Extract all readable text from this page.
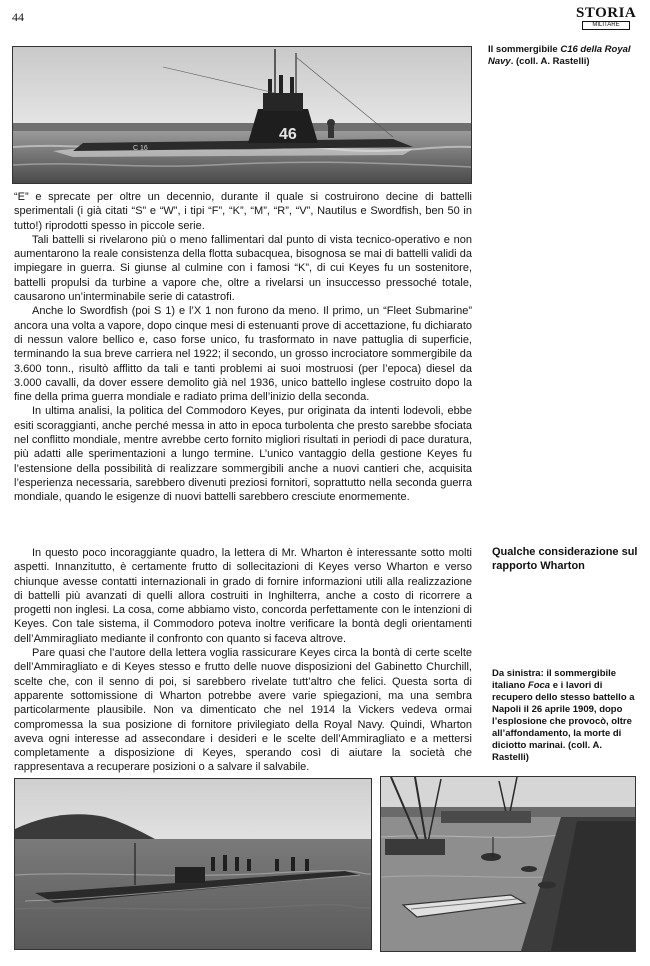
44	STORIA
MILITARE
46
C 16
Il sommergibile C16 della Royal Navy. (coll. A. Rastelli)

“E” e sprecate per oltre un decennio, durante il quale si costruirono decine di battelli sperimentali (i già citati “S” e “W”, i tipi “F”, “K”, “M”, “R”, “V”, Nautilus e Swordfish, ben 50 in tutto!) riprodotti spesso in piccole serie.

Tali battelli si rivelarono più o meno fallimentari dal punto di vista tecnico-operativo e non aumentarono la reale consistenza della flotta subacquea, bisognosa se mai di battelli validi da impiegare in guerra. Si giunse al culmine con i famosi “K”, di cui Keyes fu un sostenitore, battelli propulsi da turbine a vapore che, oltre a rivelarsi un insuccesso pressoché totale, causarono un’interminabile serie di catastrofi.

Anche lo Swordfish (poi S 1) e l’X 1 non furono da meno. Il primo, un “Fleet Submarine” ancora una volta a vapore, dopo cinque mesi di estenuanti prove di accettazione, fu dichiarato di nessun valore bellico e, caso forse unico, fu trasformato in nave pattuglia di superficie, terminando la sua breve carriera nel 1922; il secondo, un grosso incrociatore sommergibile da 3.600 tonn., risultò afflitto da tali e tanti problemi ai suoi mostruosi (per l’epoca) diesel da 3.000 cavalli, da dover essere demolito già nel 1936, unico battello inglese costruito dopo la fine della prima guerra mondiale e radiato prima dell’inizio della seconda.

In ultima analisi, la politica del Commodoro Keyes, pur originata da intenti lodevoli, ebbe esiti scoraggianti, anche perché messa in atto in epoca turbolenta che presto sarebbe sfociata nel conflitto mondiale, mentre avrebbe certo fornito migliori risultati in periodi di pace duratura, più adatti alle sperimentazioni a lungo termine. L’unico vantaggio della gestione Keyes fu l’estensione della possibilità di realizzare sommergibili anche a nuovi cantieri che, acquisita l’esperienza necessaria, sarebbero divenuti preziosi fornitori, soprattutto nella seconda guerra mondiale, quando le esigenze di nuovi battelli sarebbero cresciute enormemente.

Qualche considerazione sul rapporto Wharton

In questo poco incoraggiante quadro, la lettera di Mr. Wharton è interessante sotto molti aspetti. Innanzitutto, è certamente frutto di sollecitazioni di Keyes verso Wharton e verso chiunque avesse contatti internazionali in grado di fornire informazioni utili alla realizzazione di battelli più avanzati di quelli allora costruiti in Inghilterra, anche a costo di ricorrere a progetti non inglesi. La cosa, come abbiamo visto, concorda perfettamente con le intenzioni di Keyes. Con tale sistema, il Commodoro poteva inoltre verificare la bontà degli orientamenti dell’Ammiragliato mediante il confronto con quanto si faceva altrove.

Pare quasi che l’autore della lettera voglia rassicurare Keyes circa la bontà di certe scelte dell’Ammiragliato e di Keyes stesso e frutto delle nuove disposizioni del Gabinetto Churchill, scelte che, con il senno di poi, si sarebbero rivelate tutt’altro che felici. Questa sorta di apparente sottomissione di Wharton potrebbe avere varie spiegazioni, ma una sembra particolarmente plausibile. Non va dimenticato che nel 1914 la Vickers vedeva ormai compromessa la sua posizione di fornitore privilegiato della Royal Navy. Quindi, Wharton aveva ogni interesse ad assecondare i desideri e le scelte dell’Ammiragliato e a mettersi completamente a disposizione di Keyes, sperando così di aiutare la società che rappresentava a recuperare posizioni o a salvare il salvabile.

Da sinistra: il sommergibile italiano Foca e i lavori di recupero dello stesso battello a Napoli il 26 aprile 1909, dopo l’esplosione che provocò, oltre all’affondamento, la morte di diciotto marinai. (coll. A. Rastelli)
